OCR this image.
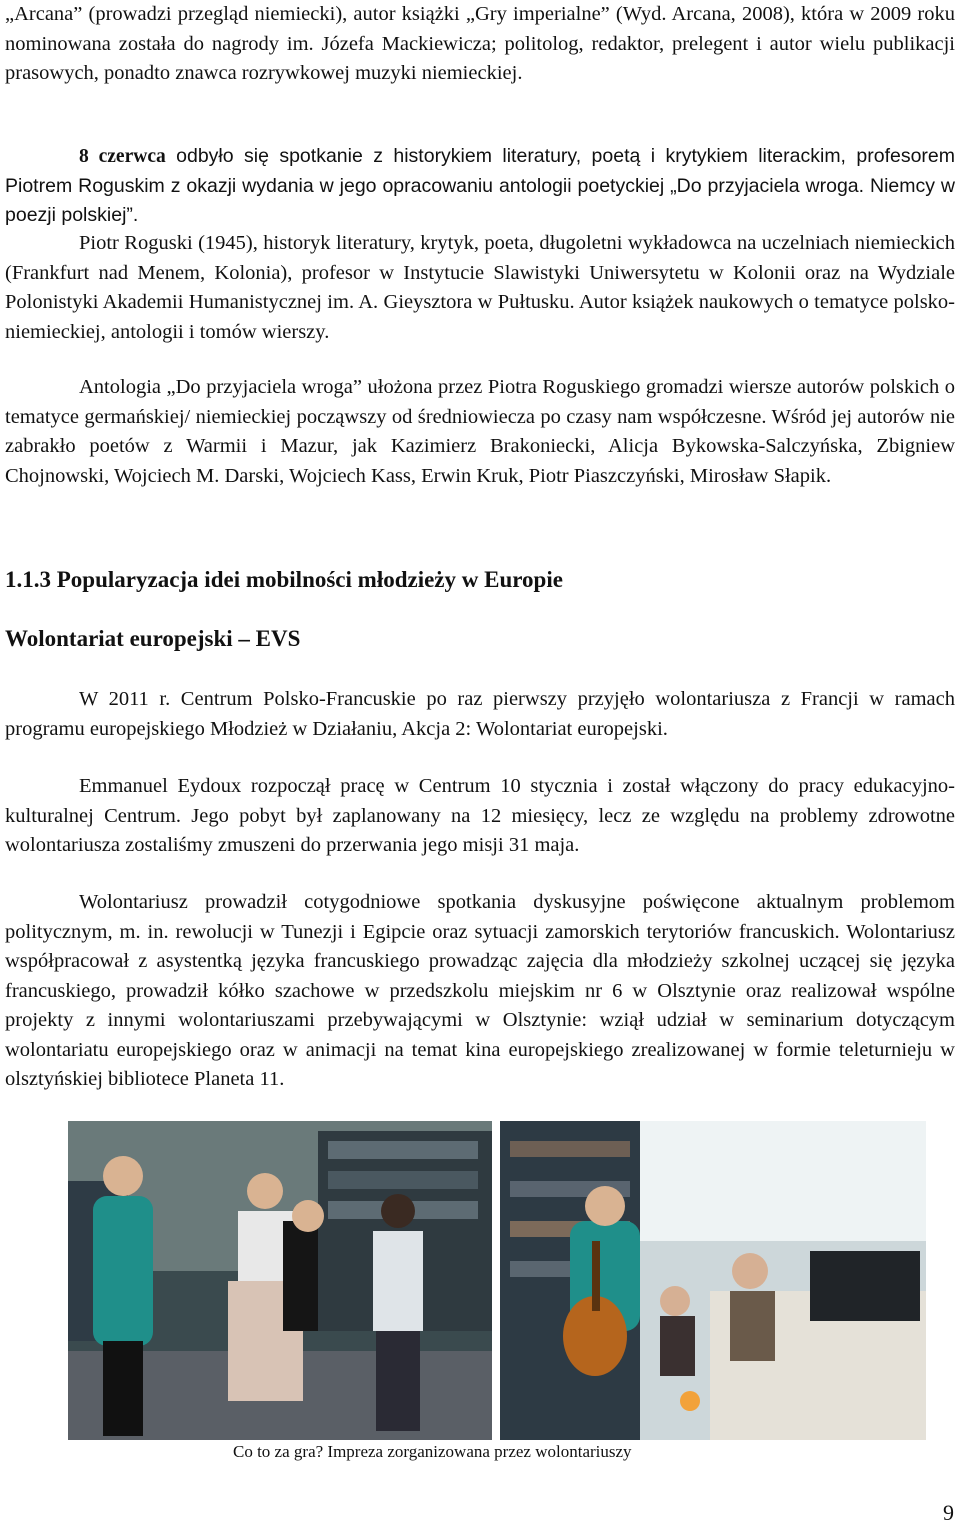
„Arcana” (prowadzi przegląd niemiecki), autor książki „Gry imperialne” (Wyd. Arcana, 2008), która w 2009 roku nominowana została do nagrody im. Józefa Mackiewicza; politolog, redaktor, prelegent i autor wielu publikacji prasowych, ponadto znawca rozrywkowej muzyki niemieckiej.

8 czerwca odbyło się spotkanie z historykiem literatury, poetą i krytykiem literackim, profesorem Piotrem Roguskim z okazji wydania w jego opracowaniu antologii poetyckiej „Do przyjaciela wroga. Niemcy w poezji polskiej”.

Piotr Roguski (1945), historyk literatury, krytyk, poeta, długoletni wykładowca na uczelniach niemieckich (Frankfurt nad Menem, Kolonia), profesor w Instytucie Slawistyki Uniwersytetu w Kolonii oraz na Wydziale Polonistyki Akademii Humanistycznej im. A. Gieysztora w Pułtusku. Autor książek naukowych o tematyce polsko-niemieckiej, antologii i tomów wierszy.

Antologia „Do przyjaciela wroga” ułożona przez Piotra Roguskiego gromadzi wiersze autorów polskich o tematyce germańskiej/ niemieckiej począwszy od średniowiecza po czasy nam współczesne. Wśród jej autorów nie zabrakło poetów z Warmii i Mazur, jak Kazimierz Brakoniecki, Alicja Bykowska-Salczyńska, Zbigniew Chojnowski, Wojciech M. Darski, Wojciech Kass, Erwin Kruk, Piotr Piaszczyński, Mirosław Słapik.

1.1.3 Popularyzacja idei mobilności młodzieży w Europie
Wolontariat europejski – EVS

W 2011 r. Centrum Polsko-Francuskie po raz pierwszy przyjęło wolontariusza z Francji w ramach programu europejskiego Młodzież w Działaniu, Akcja 2: Wolontariat europejski.

Emmanuel Eydoux rozpoczął pracę w Centrum 10 stycznia i został włączony do pracy edukacyjno-kulturalnej Centrum. Jego pobyt był zaplanowany na 12 miesięcy, lecz ze względu na problemy zdrowotne wolontariusza zostaliśmy zmuszeni do przerwania jego misji 31 maja.

Wolontariusz prowadził cotygodniowe spotkania dyskusyjne poświęcone aktualnym problemom politycznym, m. in. rewolucji w Tunezji i Egipcie oraz sytuacji zamorskich terytoriów francuskich. Wolontariusz współpracował z asystentką języka francuskiego prowadząc zajęcia dla młodzieży szkolnej uczącej się języka francuskiego, prowadził kółko szachowe w przedszkolu miejskim nr 6 w Olsztynie oraz realizował wspólne projekty z innymi wolontariuszami przebywającymi w Olsztynie: wziął udział w seminarium dotyczącym wolontariatu europejskiego oraz w animacji na temat kina europejskiego zrealizowanej w formie teleturnieju w olsztyńskiej bibliotece Planeta 11.

Co to za gra? Impreza zorganizowana przez wolontariuszy

9
